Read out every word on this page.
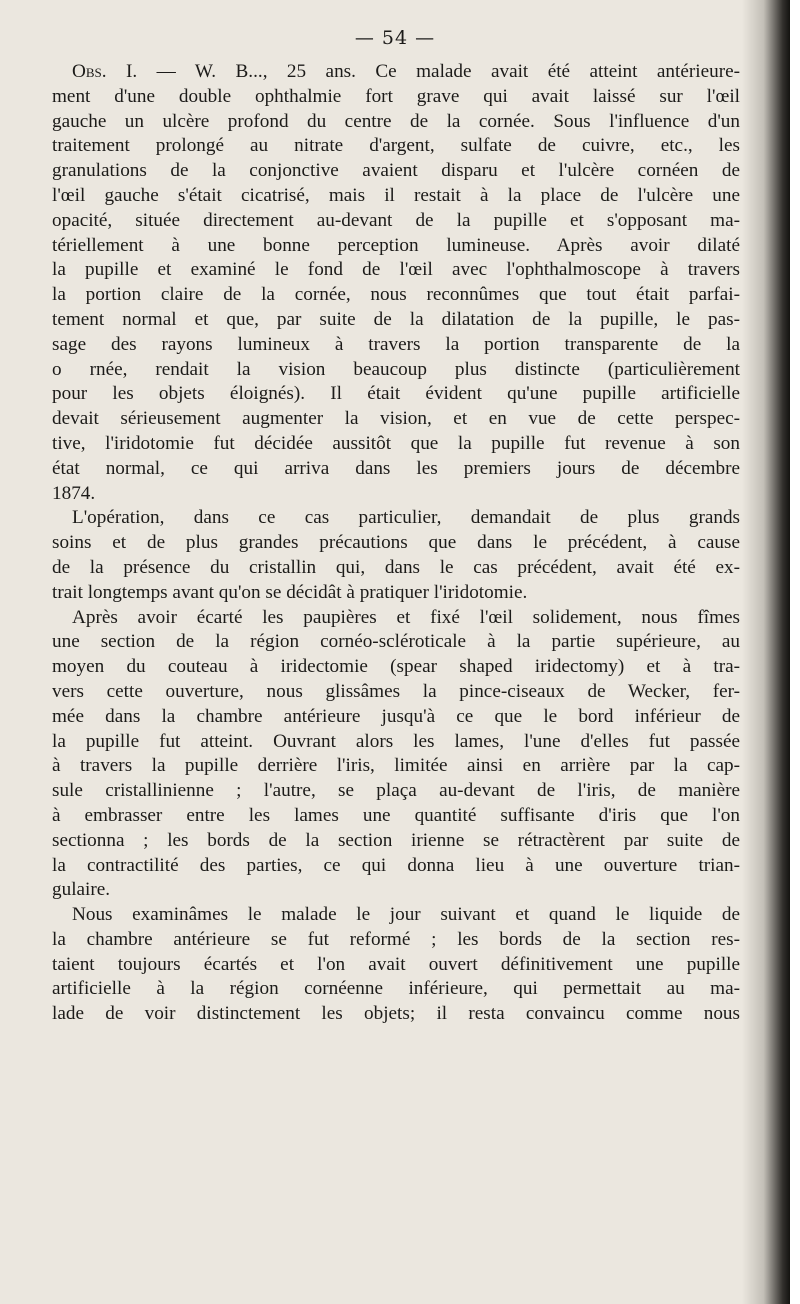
— 54 —
Obs. I. — W. B..., 25 ans. Ce malade avait été atteint antérieure-
ment d'une double ophthalmie fort grave qui avait laissé sur l'œil
gauche un ulcère profond du centre de la cornée. Sous l'influence d'un
traitement prolongé au nitrate d'argent, sulfate de cuivre, etc., les
granulations de la conjonctive avaient disparu et l'ulcère cornéen de
l'œil gauche s'était cicatrisé, mais il restait à la place de l'ulcère une
opacité, située directement au-devant de la pupille et s'opposant ma-
tériellement à une bonne perception lumineuse. Après avoir dilaté
la pupille et examiné le fond de l'œil avec l'ophthalmoscope à travers
la portion claire de la cornée, nous reconnûmes que tout était parfai-
tement normal et que, par suite de la dilatation de la pupille, le pas-
sage des rayons lumineux à travers la portion transparente de la
o rnée, rendait la vision beaucoup plus distincte (particulièrement
pour les objets éloignés). Il était évident qu'une pupille artificielle
devait sérieusement augmenter la vision, et en vue de cette perspec-
tive, l'iridotomie fut décidée aussitôt que la pupille fut revenue à son
état normal, ce qui arriva dans les premiers jours de décembre
1874.
L'opération, dans ce cas particulier, demandait de plus grands
soins et de plus grandes précautions que dans le précédent, à cause
de la présence du cristallin qui, dans le cas précédent, avait été ex-
trait longtemps avant qu'on se décidât à pratiquer l'iridotomie.
Après avoir écarté les paupières et fixé l'œil solidement, nous fîmes
une section de la région cornéo-scléroticale à la partie supérieure, au
moyen du couteau à iridectomie (spear shaped iridectomy) et à tra-
vers cette ouverture, nous glissâmes la pince-ciseaux de Wecker, fer-
mée dans la chambre antérieure jusqu'à ce que le bord inférieur de
la pupille fut atteint. Ouvrant alors les lames, l'une d'elles fut passée
à travers la pupille derrière l'iris, limitée ainsi en arrière par la cap-
sule cristallinienne ; l'autre, se plaça au-devant de l'iris, de manière
à embrasser entre les lames une quantité suffisante d'iris que l'on
sectionna ; les bords de la section irienne se rétractèrent par suite de
la contractilité des parties, ce qui donna lieu à une ouverture trian-
gulaire.
Nous examinâmes le malade le jour suivant et quand le liquide de
la chambre antérieure se fut reformé ; les bords de la section res-
taient toujours écartés et l'on avait ouvert définitivement une pupille
artificielle à la région cornéenne inférieure, qui permettait au ma-
lade de voir distinctement les objets; il resta convaincu comme nous
